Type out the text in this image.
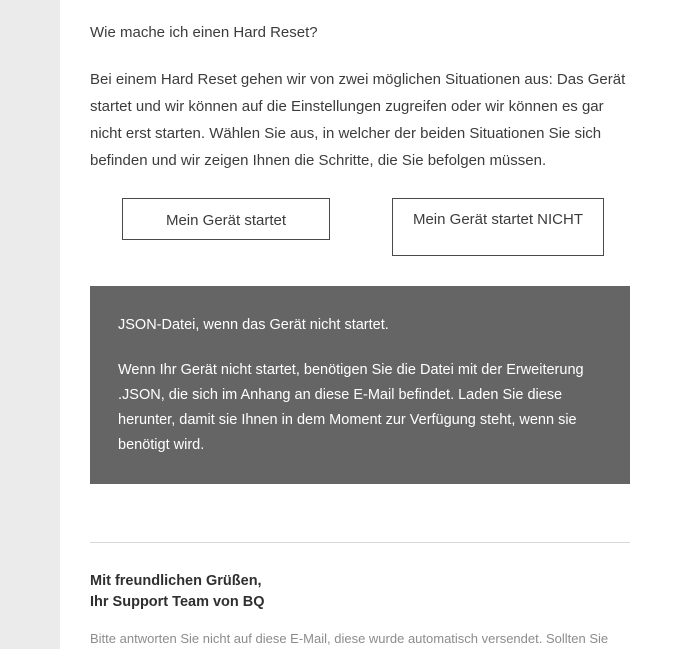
Wie mache ich einen Hard Reset?
Bei einem Hard Reset gehen wir von zwei möglichen Situationen aus: Das Gerät startet und wir können auf die Einstellungen zugreifen oder wir können es gar nicht erst starten. Wählen Sie aus, in welcher der beiden Situationen Sie sich befinden und wir zeigen Ihnen die Schritte, die Sie befolgen müssen.
Mein Gerät startet	Mein Gerät startet NICHT
JSON-Datei, wenn das Gerät nicht startet.
Wenn Ihr Gerät nicht startet, benötigen Sie die Datei mit der Erweiterung .JSON, die sich im Anhang an diese E-Mail befindet. Laden Sie diese herunter, damit sie Ihnen in dem Moment zur Verfügung steht, wenn sie benötigt wird.
Mit freundlichen Grüßen,
Ihr Support Team von BQ
Bitte antworten Sie nicht auf diese E-Mail, diese wurde automatisch versendet. Sollten Sie
